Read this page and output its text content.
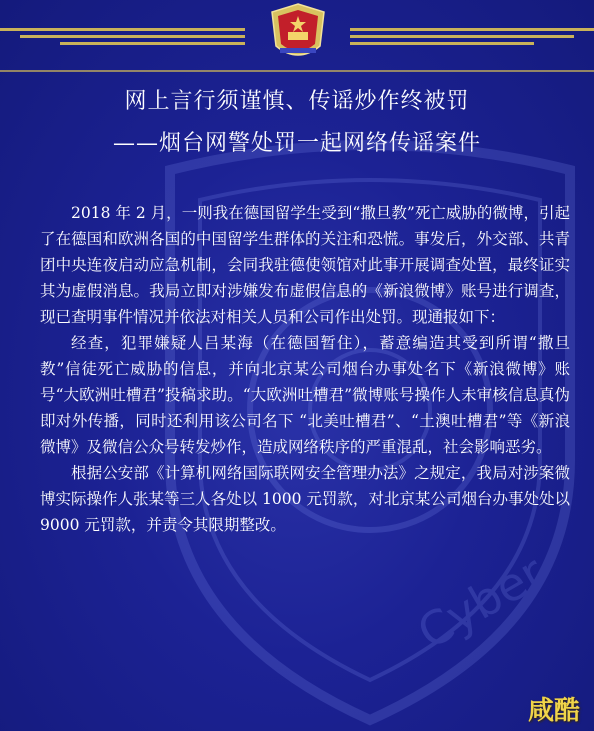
Cyber
网上言行须谨慎、传谣炒作终被罚
——烟台网警处罚一起网络传谣案件

2018 年 2 月，一则我在德国留学生受到“撒旦教”死亡威胁的微博，引起了在德国和欧洲各国的中国留学生群体的关注和恐慌。事发后，外交部、共青团中央连夜启动应急机制，会同我驻德使领馆对此事开展调查处置，最终证实其为虚假消息。我局立即对涉嫌发布虚假信息的《新浪微博》账号进行调查，现已查明事件情况并依法对相关人员和公司作出处罚。现通报如下：

经查，犯罪嫌疑人吕某海（在德国暂住），蓄意编造其受到所谓“撒旦教”信徒死亡威胁的信息，并向北京某公司烟台办事处名下《新浪微博》账号“大欧洲吐槽君”投稿求助。“大欧洲吐槽君”微博账号操作人未审核信息真伪即对外传播，同时还利用该公司名下 “北美吐槽君”、“土澳吐槽君”等《新浪微博》及微信公众号转发炒作，造成网络秩序的严重混乱，社会影响恶劣。

根据公安部《计算机网络国际联网安全管理办法》之规定，我局对涉案微博实际操作人张某等三人各处以 1000 元罚款，对北京某公司烟台办事处处以 9000 元罚款，并责令其限期整改。

咸酷
